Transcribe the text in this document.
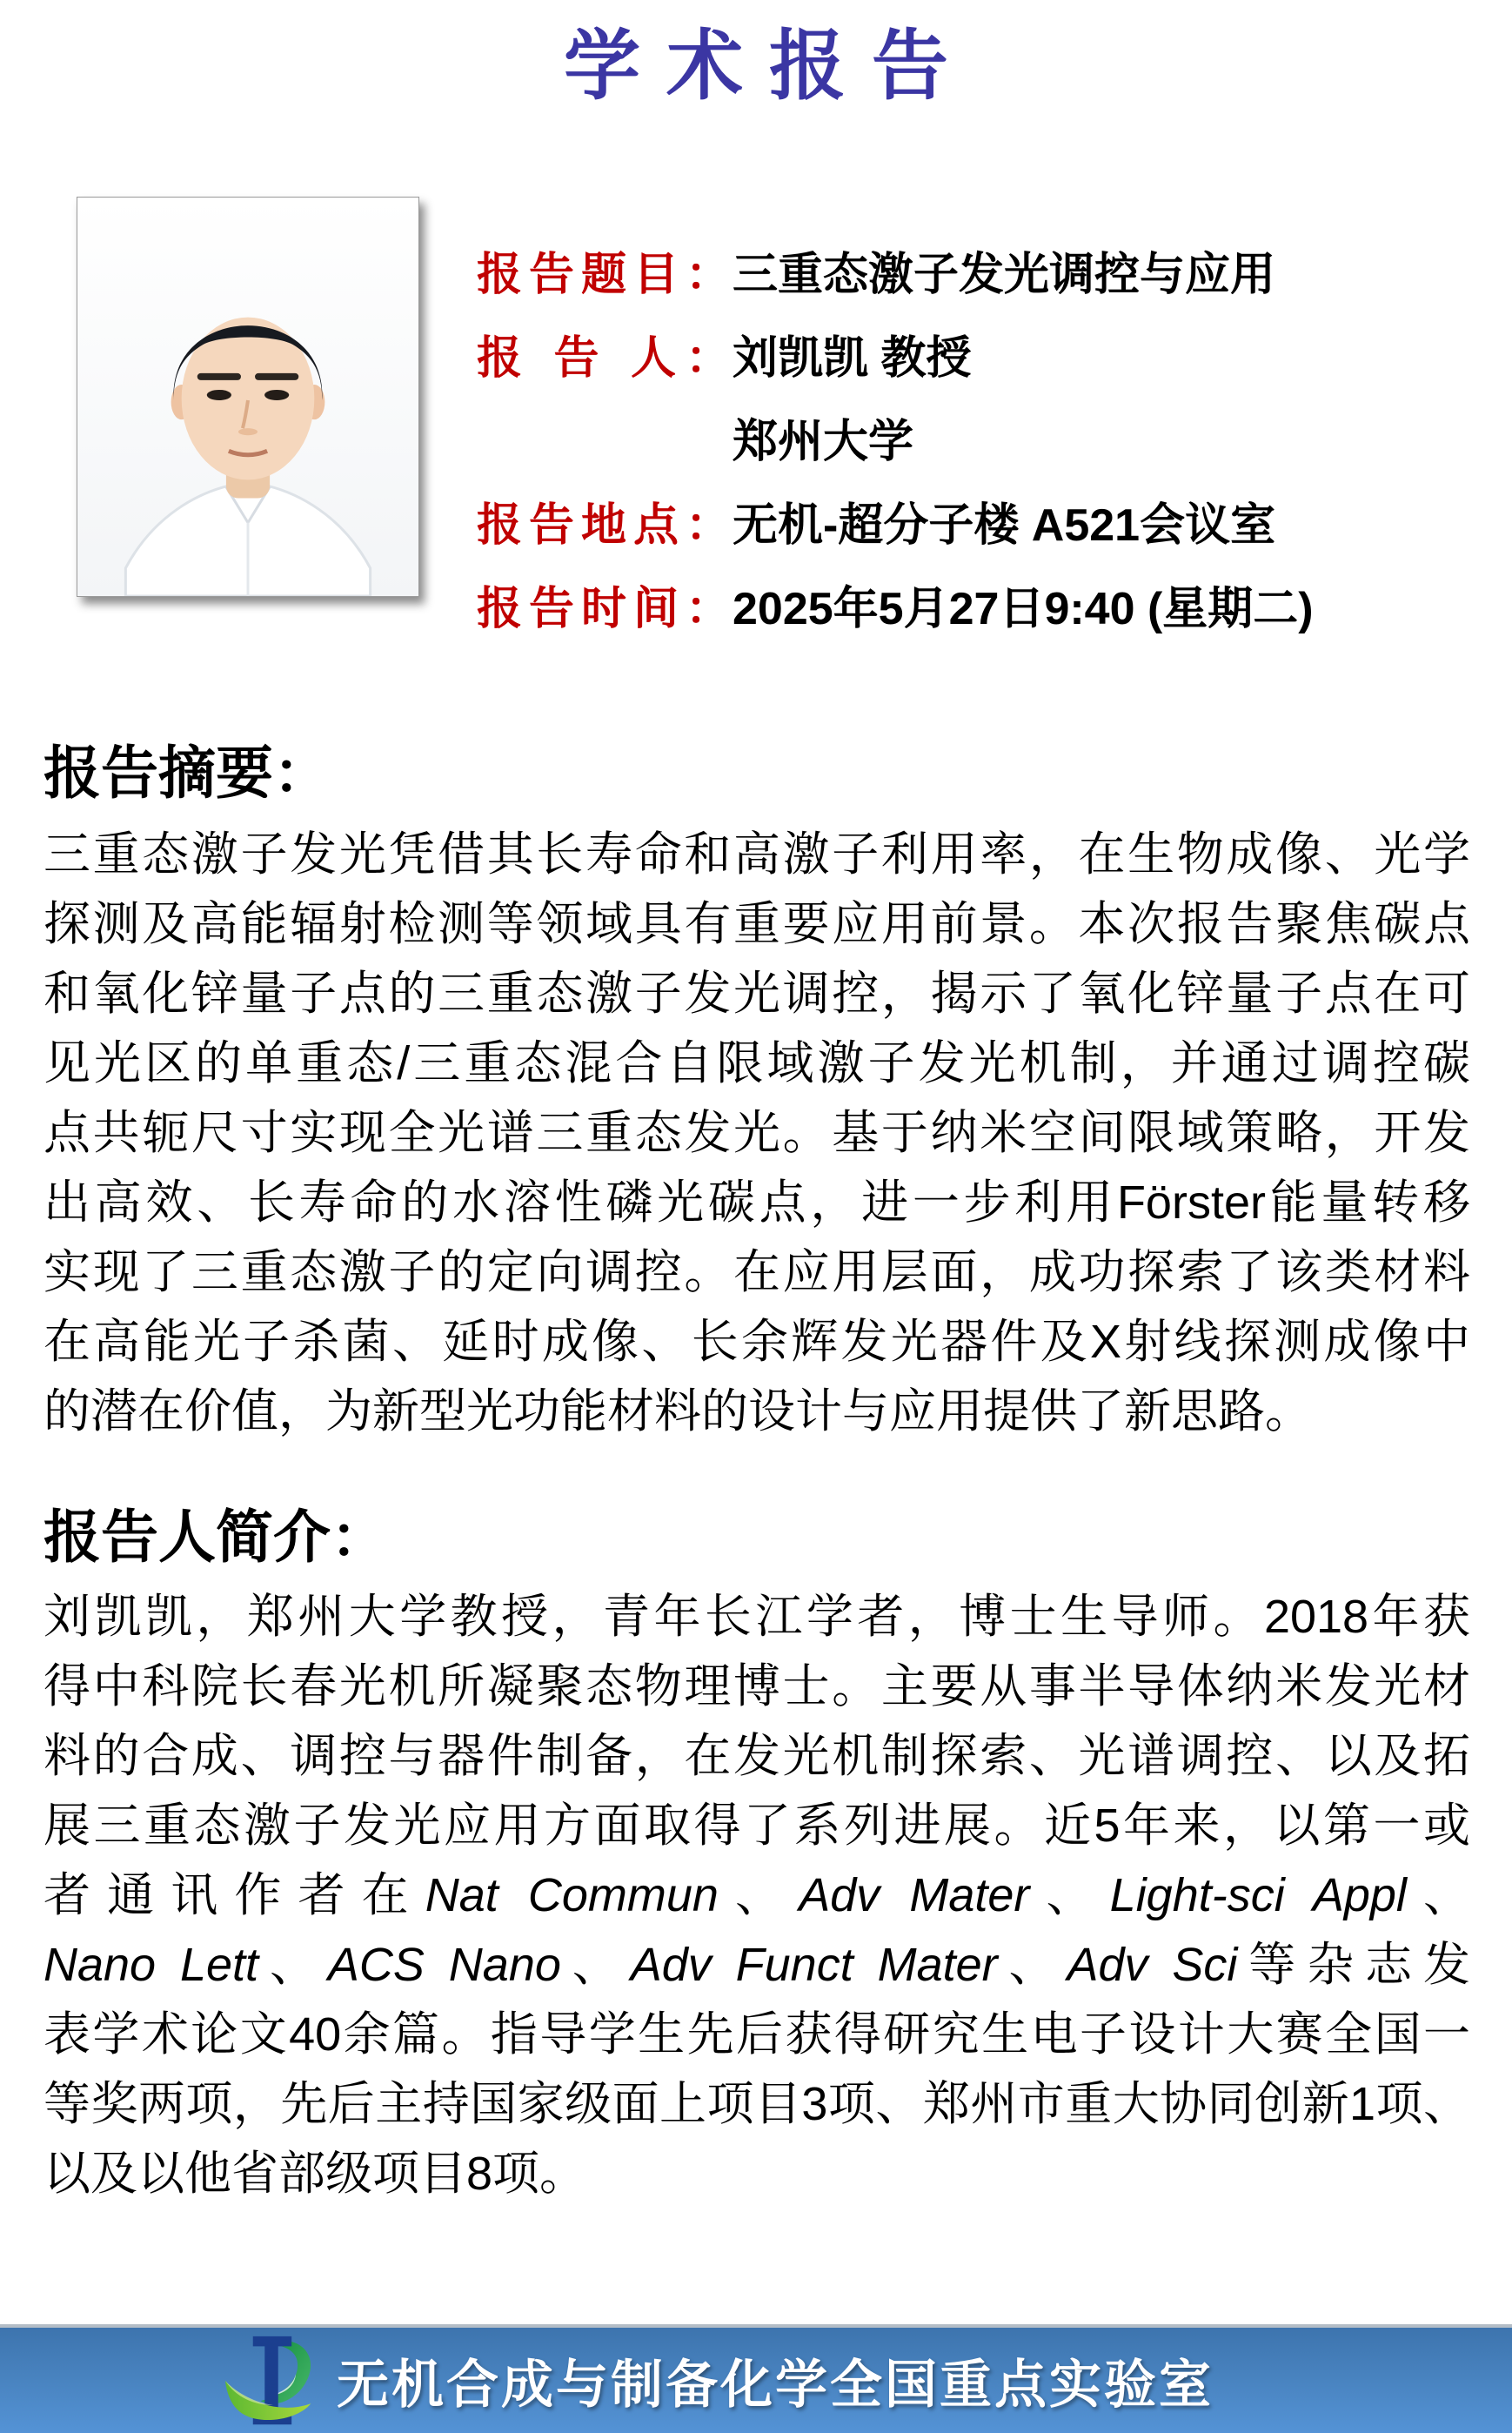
学术报告
报告题目：三重态激子发光调控与应用
报 告 人：刘凯凯 教授
郑州大学
报告地点：无机-超分子楼 A521会议室
报告时间：2025年5月27日9:40 (星期二)
报告摘要：
三重态激子发光凭借其长寿命和高激子利用率，在生物成像、光学
探测及高能辐射检测等领域具有重要应用前景。本次报告聚焦碳点
和氧化锌量子点的三重态激子发光调控，揭示了氧化锌量子点在可
见光区的单重态/三重态混合自限域激子发光机制，并通过调控碳
点共轭尺寸实现全光谱三重态发光。基于纳米空间限域策略，开发
出高效、长寿命的水溶性磷光碳点，进一步利用Förster能量转移
实现了三重态激子的定向调控。在应用层面，成功探索了该类材料
在高能光子杀菌、延时成像、长余辉发光器件及X射线探测成像中
的潜在价值，为新型光功能材料的设计与应用提供了新思路。
报告人简介：
刘凯凯，郑州大学教授，青年长江学者，博士生导师。2018年获
得中科院长春光机所凝聚态物理博士。主要从事半导体纳米发光材
料的合成、调控与器件制备，在发光机制探索、光谱调控、以及拓
展三重态激子发光应用方面取得了系列进展。近5年来，以第一或
者通讯作者在Nat Commun、Adv Mater、Light-sci Appl、
Nano Lett、ACS Nano、Adv Funct Mater、Adv Sci等杂志发
表学术论文40余篇。指导学生先后获得研究生电子设计大赛全国一
等奖两项，先后主持国家级面上项目3项、郑州市重大协同创新1项、
以及以他省部级项目8项。
无机合成与制备化学全国重点实验室
